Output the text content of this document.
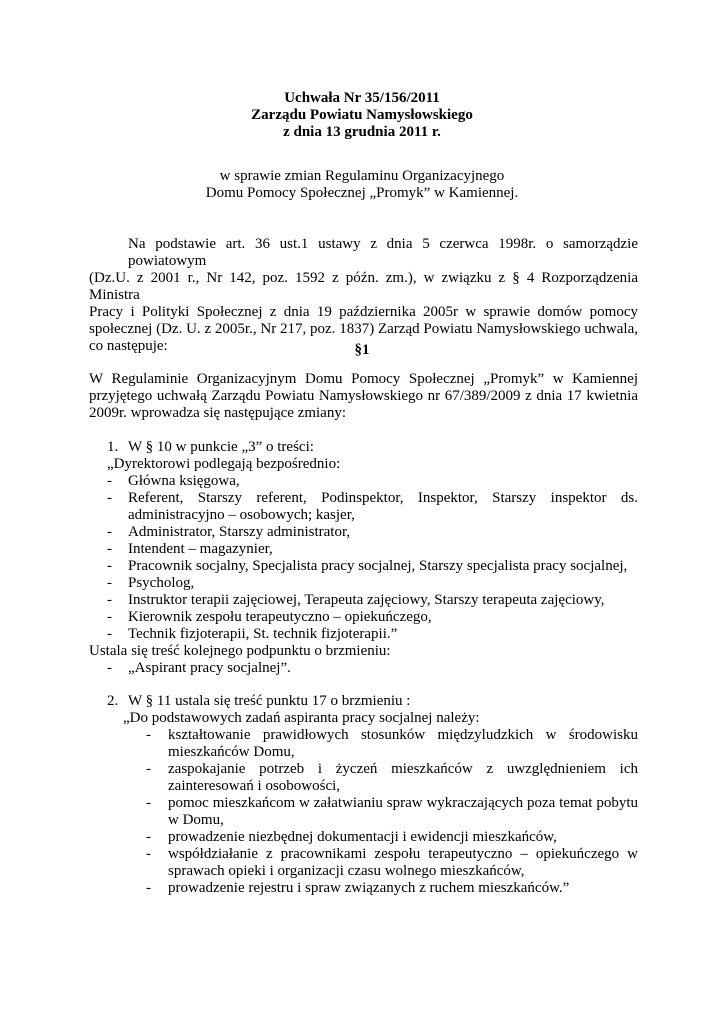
Uchwała Nr 35/156/2011
Zarządu Powiatu Namysłowskiego
z dnia 13 grudnia 2011 r.
w sprawie zmian Regulaminu Organizacyjnego
Domu Pomocy Społecznej „Promyk” w Kamiennej.
Na podstawie art. 36 ust.1 ustawy z dnia 5 czerwca 1998r. o samorządzie powiatowym
(Dz.U. z 2001 r., Nr 142, poz. 1592 z późn. zm.), w związku z § 4 Rozporządzenia Ministra
Pracy i Polityki Społecznej z dnia 19 października 2005r w sprawie domów pomocy
społecznej (Dz. U. z 2005r., Nr 217, poz. 1837) Zarząd Powiatu Namysłowskiego uchwala,
co następuje:	§1
W Regulaminie Organizacyjnym Domu Pomocy Społecznej „Promyk” w Kamiennej
przyjętego uchwałą Zarządu Powiatu Namysłowskiego nr 67/389/2009 z dnia 17 kwietnia
2009r. wprowadza się następujące zmiany:
1. W § 10 w punkcie „3” o treści:
„Dyrektorowi podlegają bezpośrednio:
- Główna księgowa,
- Referent, Starszy referent, Podinspektor, Inspektor, Starszy inspektor ds.
administracyjno – osobowych; kasjer,
- Administrator, Starszy administrator,
- Intendent – magazynier,
- Pracownik socjalny, Specjalista pracy socjalnej, Starszy specjalista pracy socjalnej,
- Psycholog,
- Instruktor terapii zajęciowej, Terapeuta zajęciowy, Starszy terapeuta zajęciowy,
- Kierownik zespołu terapeutyczno – opiekuńczego,
- Technik fizjoterapii, St. technik fizjoterapii.”
Ustala się treść kolejnego podpunktu o brzmieniu:
- „Aspirant pracy socjalnej”.
2. W § 11 ustala się treść punktu 17 o brzmieniu :
„Do podstawowych zadań aspiranta pracy socjalnej należy:
- kształtowanie prawidłowych stosunków międzyludzkich w środowisku
mieszkańców Domu,
- zaspokajanie potrzeb i życzeń mieszkańców z uwzględnieniem ich
zainteresowań i osobowości,
- pomoc mieszkańcom w załatwianiu spraw wykraczających poza temat pobytu
w Domu,
- prowadzenie niezbędnej dokumentacji i ewidencji mieszkańców,
- współdziałanie z pracownikami zespołu terapeutyczno – opiekuńczego w
sprawach opieki i organizacji czasu wolnego mieszkańców,
- prowadzenie rejestru i spraw związanych z ruchem mieszkańców.”
